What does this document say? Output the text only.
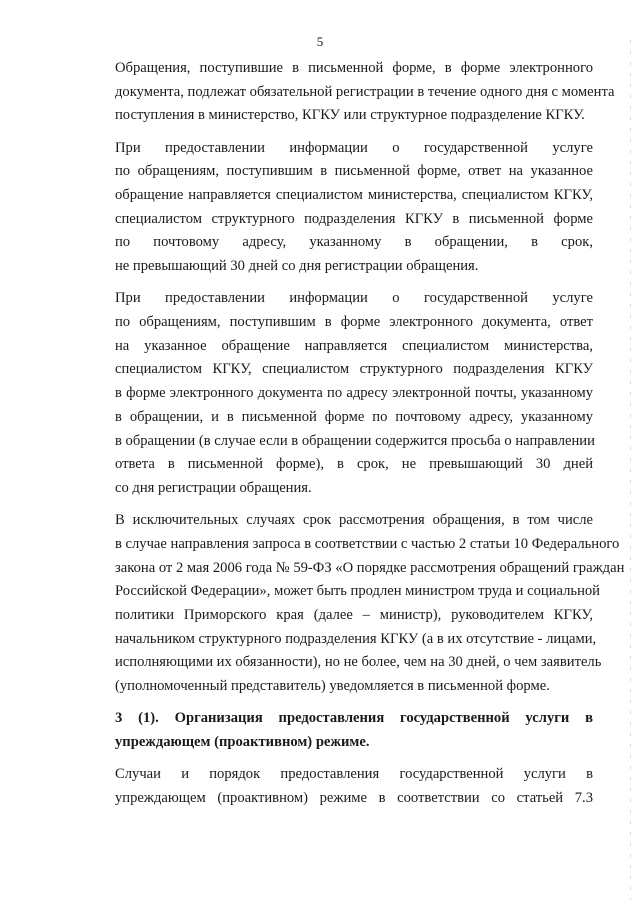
5

Обращения, поступившие в письменной форме, в форме электронного
документа, подлежат обязательной регистрации в течение одного дня с момента
поступления в министерство, КГКУ или структурное подразделение КГКУ.

При предоставлении информации о государственной услуге
по обращениям, поступившим в письменной форме, ответ на указанное
обращение направляется специалистом министерства, специалистом КГКУ,
специалистом структурного подразделения КГКУ в письменной форме
по почтовому адресу, указанному в обращении, в срок,
не превышающий 30 дней со дня регистрации обращения.

При предоставлении информации о государственной услуге
по обращениям, поступившим в форме электронного документа, ответ
на указанное обращение направляется специалистом министерства,
специалистом КГКУ, специалистом структурного подразделения КГКУ
в форме электронного документа по адресу электронной почты, указанному
в обращении, и в письменной форме по почтовому адресу, указанному
в обращении (в случае если в обращении содержится просьба о направлении
ответа в письменной форме), в срок, не превышающий 30 дней
со дня регистрации обращения.

В исключительных случаях срок рассмотрения обращения, в том числе
в случае направления запроса в соответствии с частью 2 статьи 10 Федерального
закона от 2 мая 2006 года № 59-ФЗ «О порядке рассмотрения обращений граждан
Российской Федерации», может быть продлен министром труда и социальной
политики Приморского края (далее – министр), руководителем КГКУ,
начальником структурного подразделения КГКУ (а в их отсутствие - лицами,
исполняющими их обязанности), но не более, чем на 30 дней, о чем заявитель
(уполномоченный представитель) уведомляется в письменной форме.

3 (1). Организация предоставления государственной услуги в
упреждающем (проактивном) режиме.

Случаи и порядок предоставления государственной услуги в
упреждающем (проактивном) режиме в соответствии со статьей 7.3
